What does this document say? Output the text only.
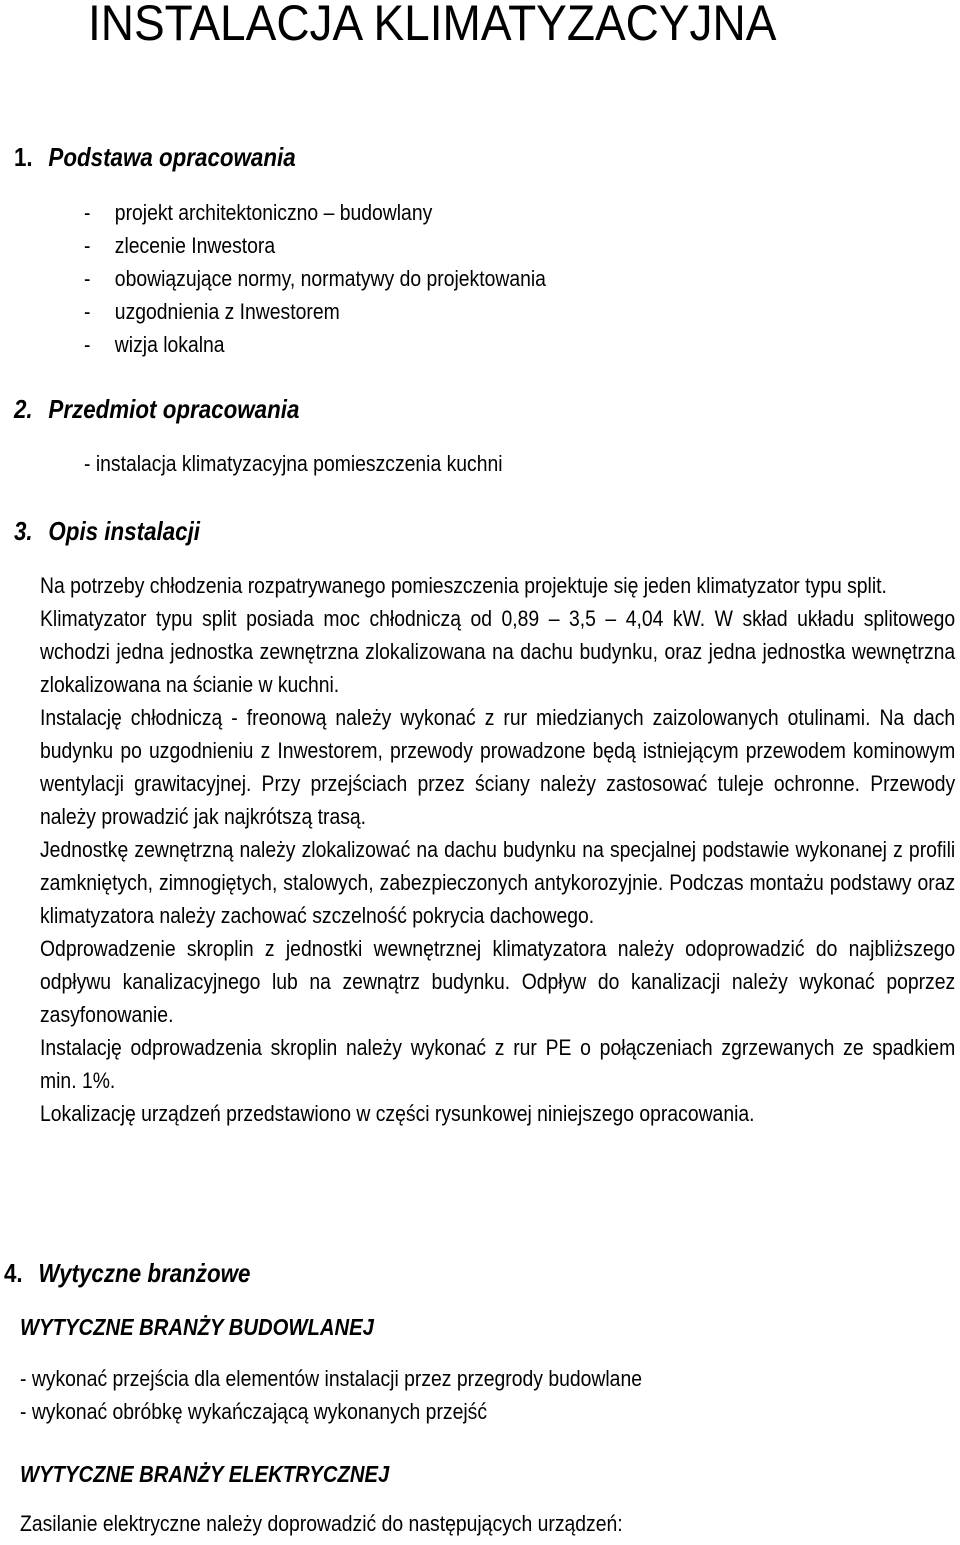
INSTALACJA KLIMATYZACYJNA
1. Podstawa opracowania
- projekt architektoniczno – budowlany
- zlecenie Inwestora
- obowiązujące normy, normatywy do projektowania
- uzgodnienia z Inwestorem
- wizja lokalna
2. Przedmiot opracowania
- instalacja klimatyzacyjna pomieszczenia kuchni
3. Opis instalacji

Na potrzeby chłodzenia rozpatrywanego pomieszczenia projektuje się jeden klimatyzator typu split.

Klimatyzator typu split posiada moc chłodniczą od 0,89 – 3,5 – 4,04 kW. W skład układu splitowego wchodzi jedna jednostka zewnętrzna zlokalizowana na dachu budynku, oraz jedna jednostka wewnętrzna zlokalizowana na ścianie w kuchni.

Instalację chłodniczą - freonową należy wykonać z rur miedzianych zaizolowanych otulinami. Na dach budynku po uzgodnieniu z Inwestorem, przewody prowadzone będą istniejącym przewodem kominowym wentylacji grawitacyjnej. Przy przejściach przez ściany należy zastosować tuleje ochronne. Przewody należy prowadzić jak najkrótszą trasą.

Jednostkę zewnętrzną należy zlokalizować na dachu budynku na specjalnej podstawie wykonanej z profili zamkniętych, zimnogiętych, stalowych, zabezpieczonych antykorozyjnie. Podczas montażu podstawy oraz klimatyzatora należy zachować szczelność pokrycia dachowego.

Odprowadzenie skroplin z jednostki wewnętrznej klimatyzatora należy odoprowadzić do najbliższego odpływu kanalizacyjnego lub na zewnątrz budynku. Odpływ do kanalizacji należy wykonać poprzez zasyfonowanie.

Instalację odprowadzenia skroplin należy wykonać z rur PE o połączeniach zgrzewanych ze spadkiem min. 1%.

Lokalizację urządzeń przedstawiono w części rysunkowej niniejszego opracowania.

4. Wytyczne branżowe
WYTYCZNE BRANŻY BUDOWLANEJ
- wykonać przejścia dla elementów instalacji przez przegrody budowlane
- wykonać obróbkę wykańczającą wykonanych przejść
WYTYCZNE BRANŻY ELEKTRYCZNEJ
Zasilanie elektryczne należy doprowadzić do następujących urządzeń:
